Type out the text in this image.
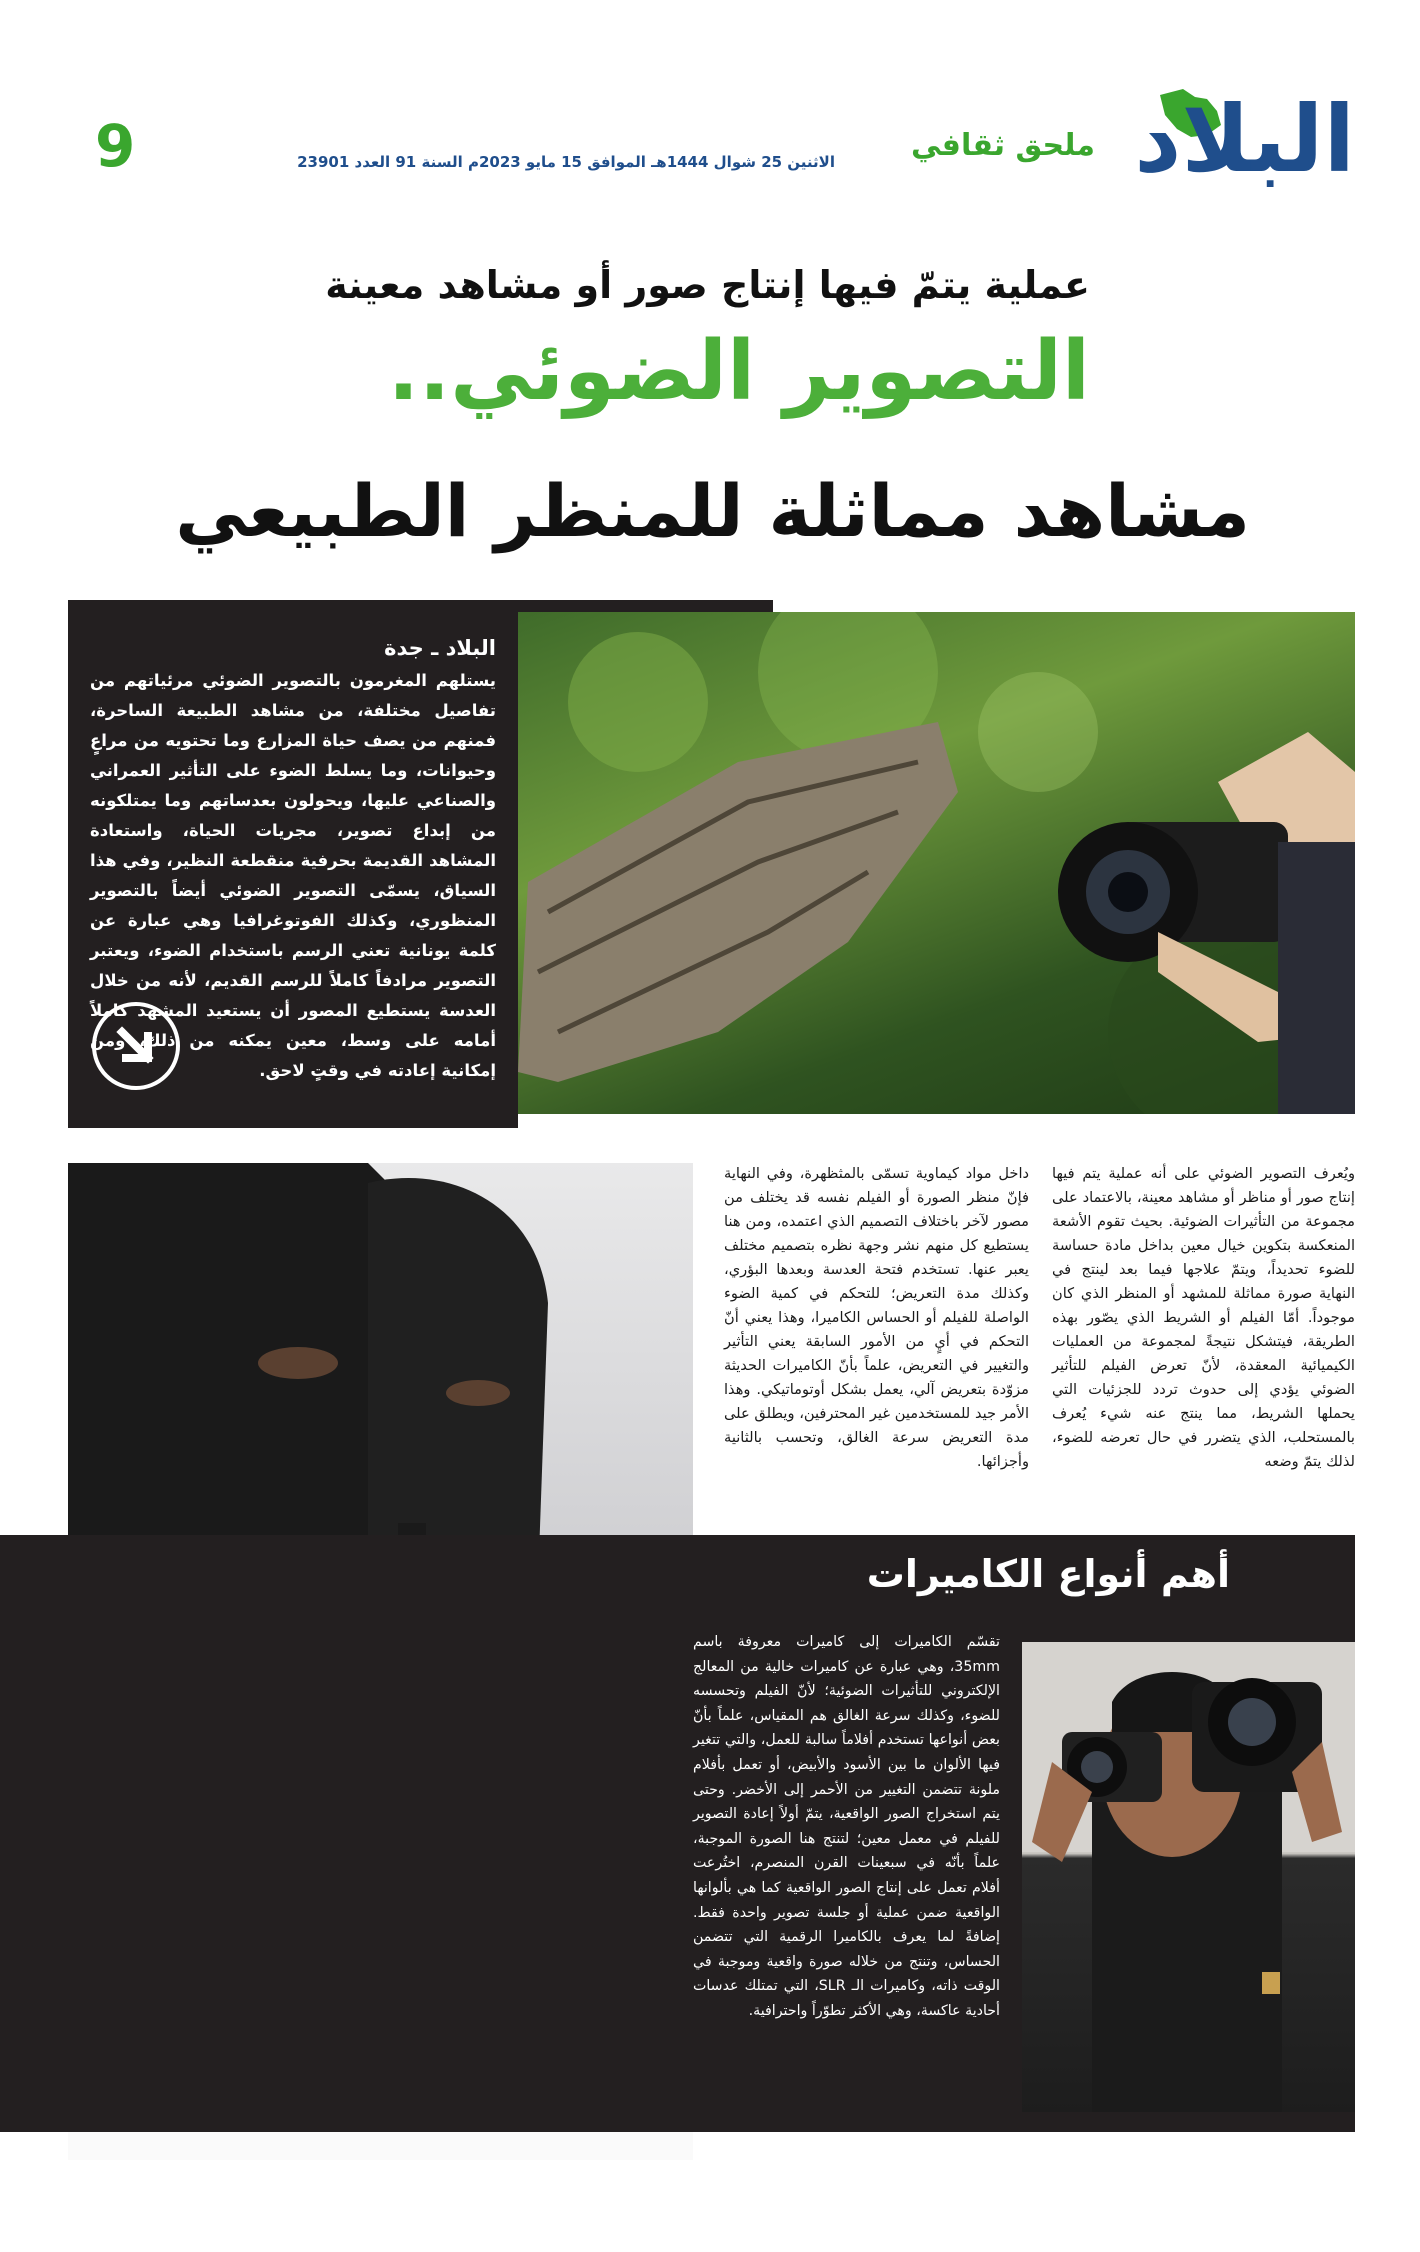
البلاد
ملحق ثقافي
الاثنين 25 شوال 1444هـ الموافق 15 مايو 2023م السنة 91 العدد 23901
9
عملية يتمّ فيها إنتاج صور أو مشاهد معينة
التصوير الضوئي..
مشاهد مماثلة للمنظر الطبيعي
البلاد ـ جدة
يستلهم المغرمون بالتصوير الضوئي مرئياتهم من تفاصيل مختلفة، من مشاهد الطبيعة الساحرة، فمنهم من يصف حياة المزارع وما تحتويه من مراعٍ وحيوانات، وما يسلط الضوء على التأثير العمراني والصناعي عليها، ويحولون بعدساتهم وما يمتلكونه من إبداع تصوير، مجريات الحياة، واستعادة المشاهد القديمة بحرفية منقطعة النظير، وفي هذا السياق، يسمّى التصوير الضوئي أيضاً بالتصوير المنظوري، وكذلك الفوتوغرافيا وهي عبارة عن كلمة يونانية تعني الرسم باستخدام الضوء، ويعتبر التصوير مرادفاً كاملاً للرسم القديم، لأنه من خلال العدسة يستطيع المصور أن يستعيد المشهد كاملاً أمامه على وسط، معين يمكنه من ذلك، ومن إمكانية إعادته في وقتٍ لاحق.
ويُعرف التصوير الضوئي على أنه عملية يتم فيها إنتاج صور أو مناظر أو مشاهد معينة، بالاعتماد على مجموعة من التأثيرات الضوئية. بحيث تقوم الأشعة المنعكسة بتكوين خيال معين بداخل مادة حساسة للضوء تحديداً، ويتمّ علاجها فيما بعد لينتج في النهاية صورة مماثلة للمشهد أو المنظر الذي كان موجوداً. أمّا الفيلم أو الشريط الذي يصّور بهذه الطريقة، فيتشكل نتيجةً لمجموعة من العمليات الكيميائية المعقدة، لأنّ تعرض الفيلم للتأثير الضوئي يؤدي إلى حدوث تردد للجزئيات التي يحملها الشريط، مما ينتج عنه شيء يُعرف بالمستحلب، الذي يتضرر في حال تعرضه للضوء، لذلك يتمّ وضعه
داخل مواد كيماوية تسمّى بالمثظهرة، وفي النهاية فإنّ منظر الصورة أو الفيلم نفسه قد يختلف من مصور لآخر باختلاف التصميم الذي اعتمده، ومن هنا يستطيع كل منهم نشر وجهة نظره بتصميم مختلف يعبر عنها. تستخدم فتحة العدسة وبعدها البؤري، وكذلك مدة التعريض؛ للتحكم في كمية الضوء الواصلة للفيلم أو الحساس الكاميرا، وهذا يعني أنّ التحكم في أيٍ من الأمور السابقة يعني التأثير والتغيير في التعريض، علماً بأنّ الكاميرات الحديثة مزوّدة بتعريض آلي، يعمل بشكل أوتوماتيكي. وهذا الأمر جيد للمستخدمين غير المحترفين، ويطلق على مدة التعريض سرعة الغالق، وتحسب بالثانية وأجزائها.
أهم أنواع الكاميرات
تقسّم الكاميرات إلى كاميرات معروفة باسم 35mm، وهي عبارة عن كاميرات خالية من المعالج الإلكتروني للتأثيرات الضوئية؛ لأنّ الفيلم وتحسسه للضوء، وكذلك سرعة الغالق هم المقياس، علماً بأنّ بعض أنواعها تستخدم أفلاماً سالبة للعمل، والتي تتغير فيها الألوان ما بين الأسود والأبيض، أو تعمل بأفلام ملونة تتضمن التغيير من الأحمر إلى الأخضر. وحتى يتم استخراج الصور الواقعية، يتمّ أولاً إعادة التصوير للفيلم في معمل معين؛ لتنتج هنا الصورة الموجبة، علماً بأنّه في سبعينات القرن المنصرم، اختُرعت أفلام تعمل على إنتاج الصور الواقعية كما هي بألوانها الواقعية ضمن عملية أو جلسة تصوير واحدة فقط. إضافةً لما يعرف بالكاميرا الرقمية التي تتضمن الحساس، وتنتج من خلاله صورة واقعية وموجبة في الوقت ذاته، وكاميرات الـ SLR، التي تمتلك عدسات أحادية عاكسة، وهي الأكثر تطوّراً واحترافية.
